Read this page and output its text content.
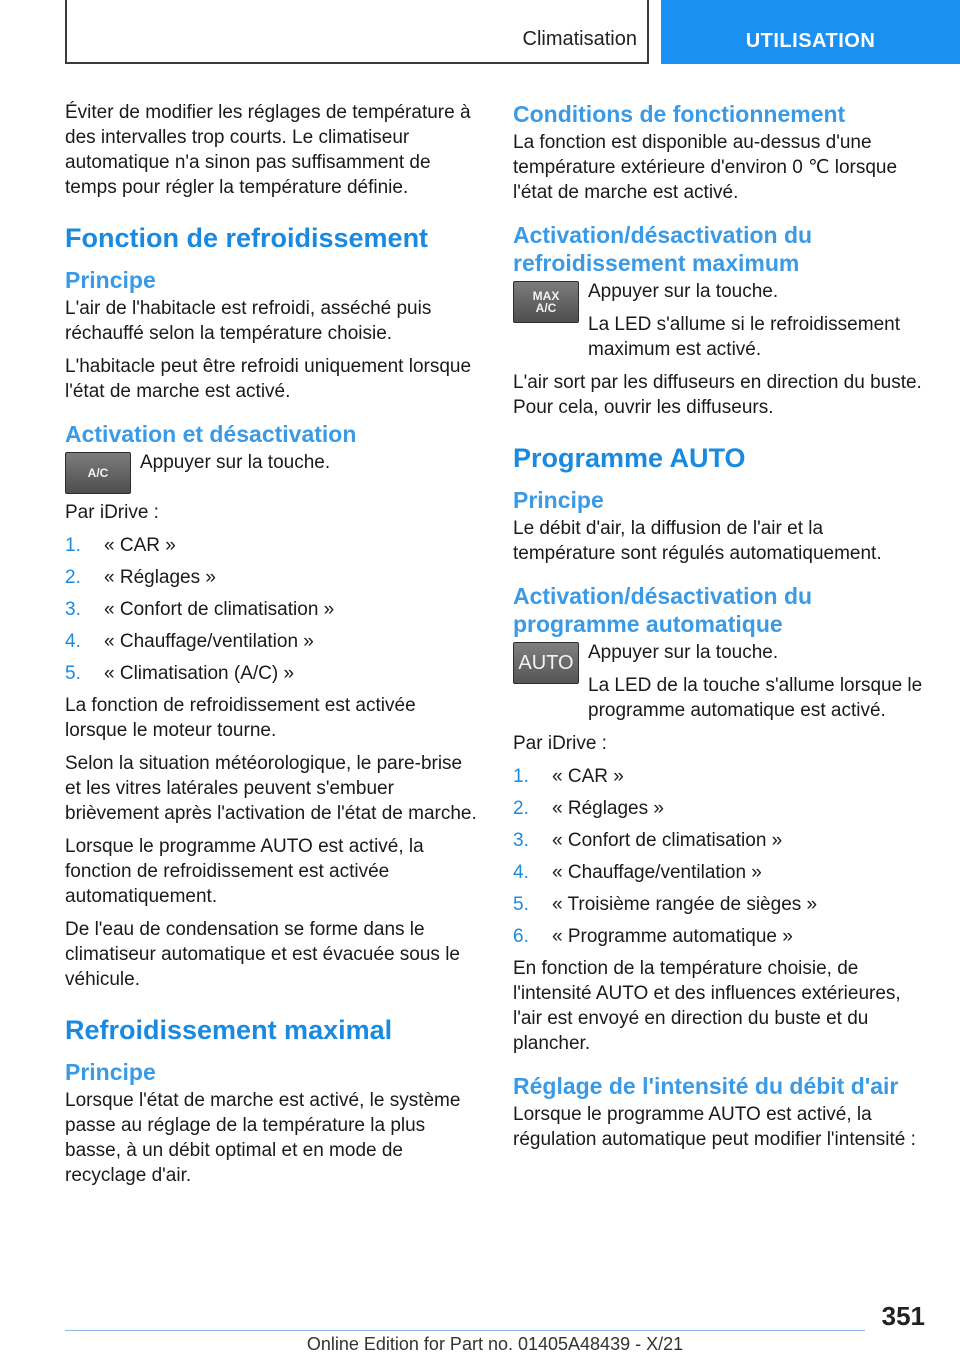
Climatisation	UTILISATION

Éviter de modifier les réglages de température à des intervalles trop courts. Le climatiseur automatique n'a sinon pas suffisamment de temps pour régler la température définie.

Fonction de refroidissement
Principe

L'air de l'habitacle est refroidi, asséché puis réchauffé selon la température choisie.

L'habitacle peut être refroidi uniquement lorsque l'état de marche est activé.

Activation et désactivation
A/C	Appuyer sur la touche.

Par iDrive :

1. « CAR »
2. « Réglages »
3. « Confort de climatisation »
4. « Chauffage/ventilation »
5. « Climatisation (A/C) »

La fonction de refroidissement est activée lorsque le moteur tourne.

Selon la situation météorologique, le pare-brise et les vitres latérales peuvent s'embuer brièvement après l'activation de l'état de marche.

Lorsque le programme AUTO est activé, la fonction de refroidissement est activée automatiquement.

De l'eau de condensation se forme dans le climatiseur automatique et est évacuée sous le véhicule.

Refroidissement maximal
Principe

Lorsque l'état de marche est activé, le système passe au réglage de la température la plus basse, à un débit optimal et en mode de recyclage d'air.

Conditions de fonctionnement

La fonction est disponible au-dessus d'une température extérieure d'environ 0 ℃ lorsque l'état de marche est activé.

Activation/désactivation du refroidissement maximum
MAX
A/C

Appuyer sur la touche.

La LED s'allume si le refroidissement maximum est activé.

L'air sort par les diffuseurs en direction du buste. Pour cela, ouvrir les diffuseurs.

Programme AUTO
Principe

Le débit d'air, la diffusion de l'air et la température sont régulés automatiquement.

Activation/désactivation du programme automatique
AUTO Appuyer sur la touche.

La LED de la touche s'allume lorsque le programme automatique est activé.

Par iDrive :

1. « CAR »
2. « Réglages »
3. « Confort de climatisation »
4. « Chauffage/ventilation »
5. « Troisième rangée de sièges »
6. « Programme automatique »

En fonction de la température choisie, de l'intensité AUTO et des influences extérieures, l'air est envoyé en direction du buste et du plancher.

Réglage de l'intensité du débit d'air

Lorsque le programme AUTO est activé, la régulation automatique peut modifier l'intensité :

351
Online Edition for Part no. 01405A48439 - X/21
